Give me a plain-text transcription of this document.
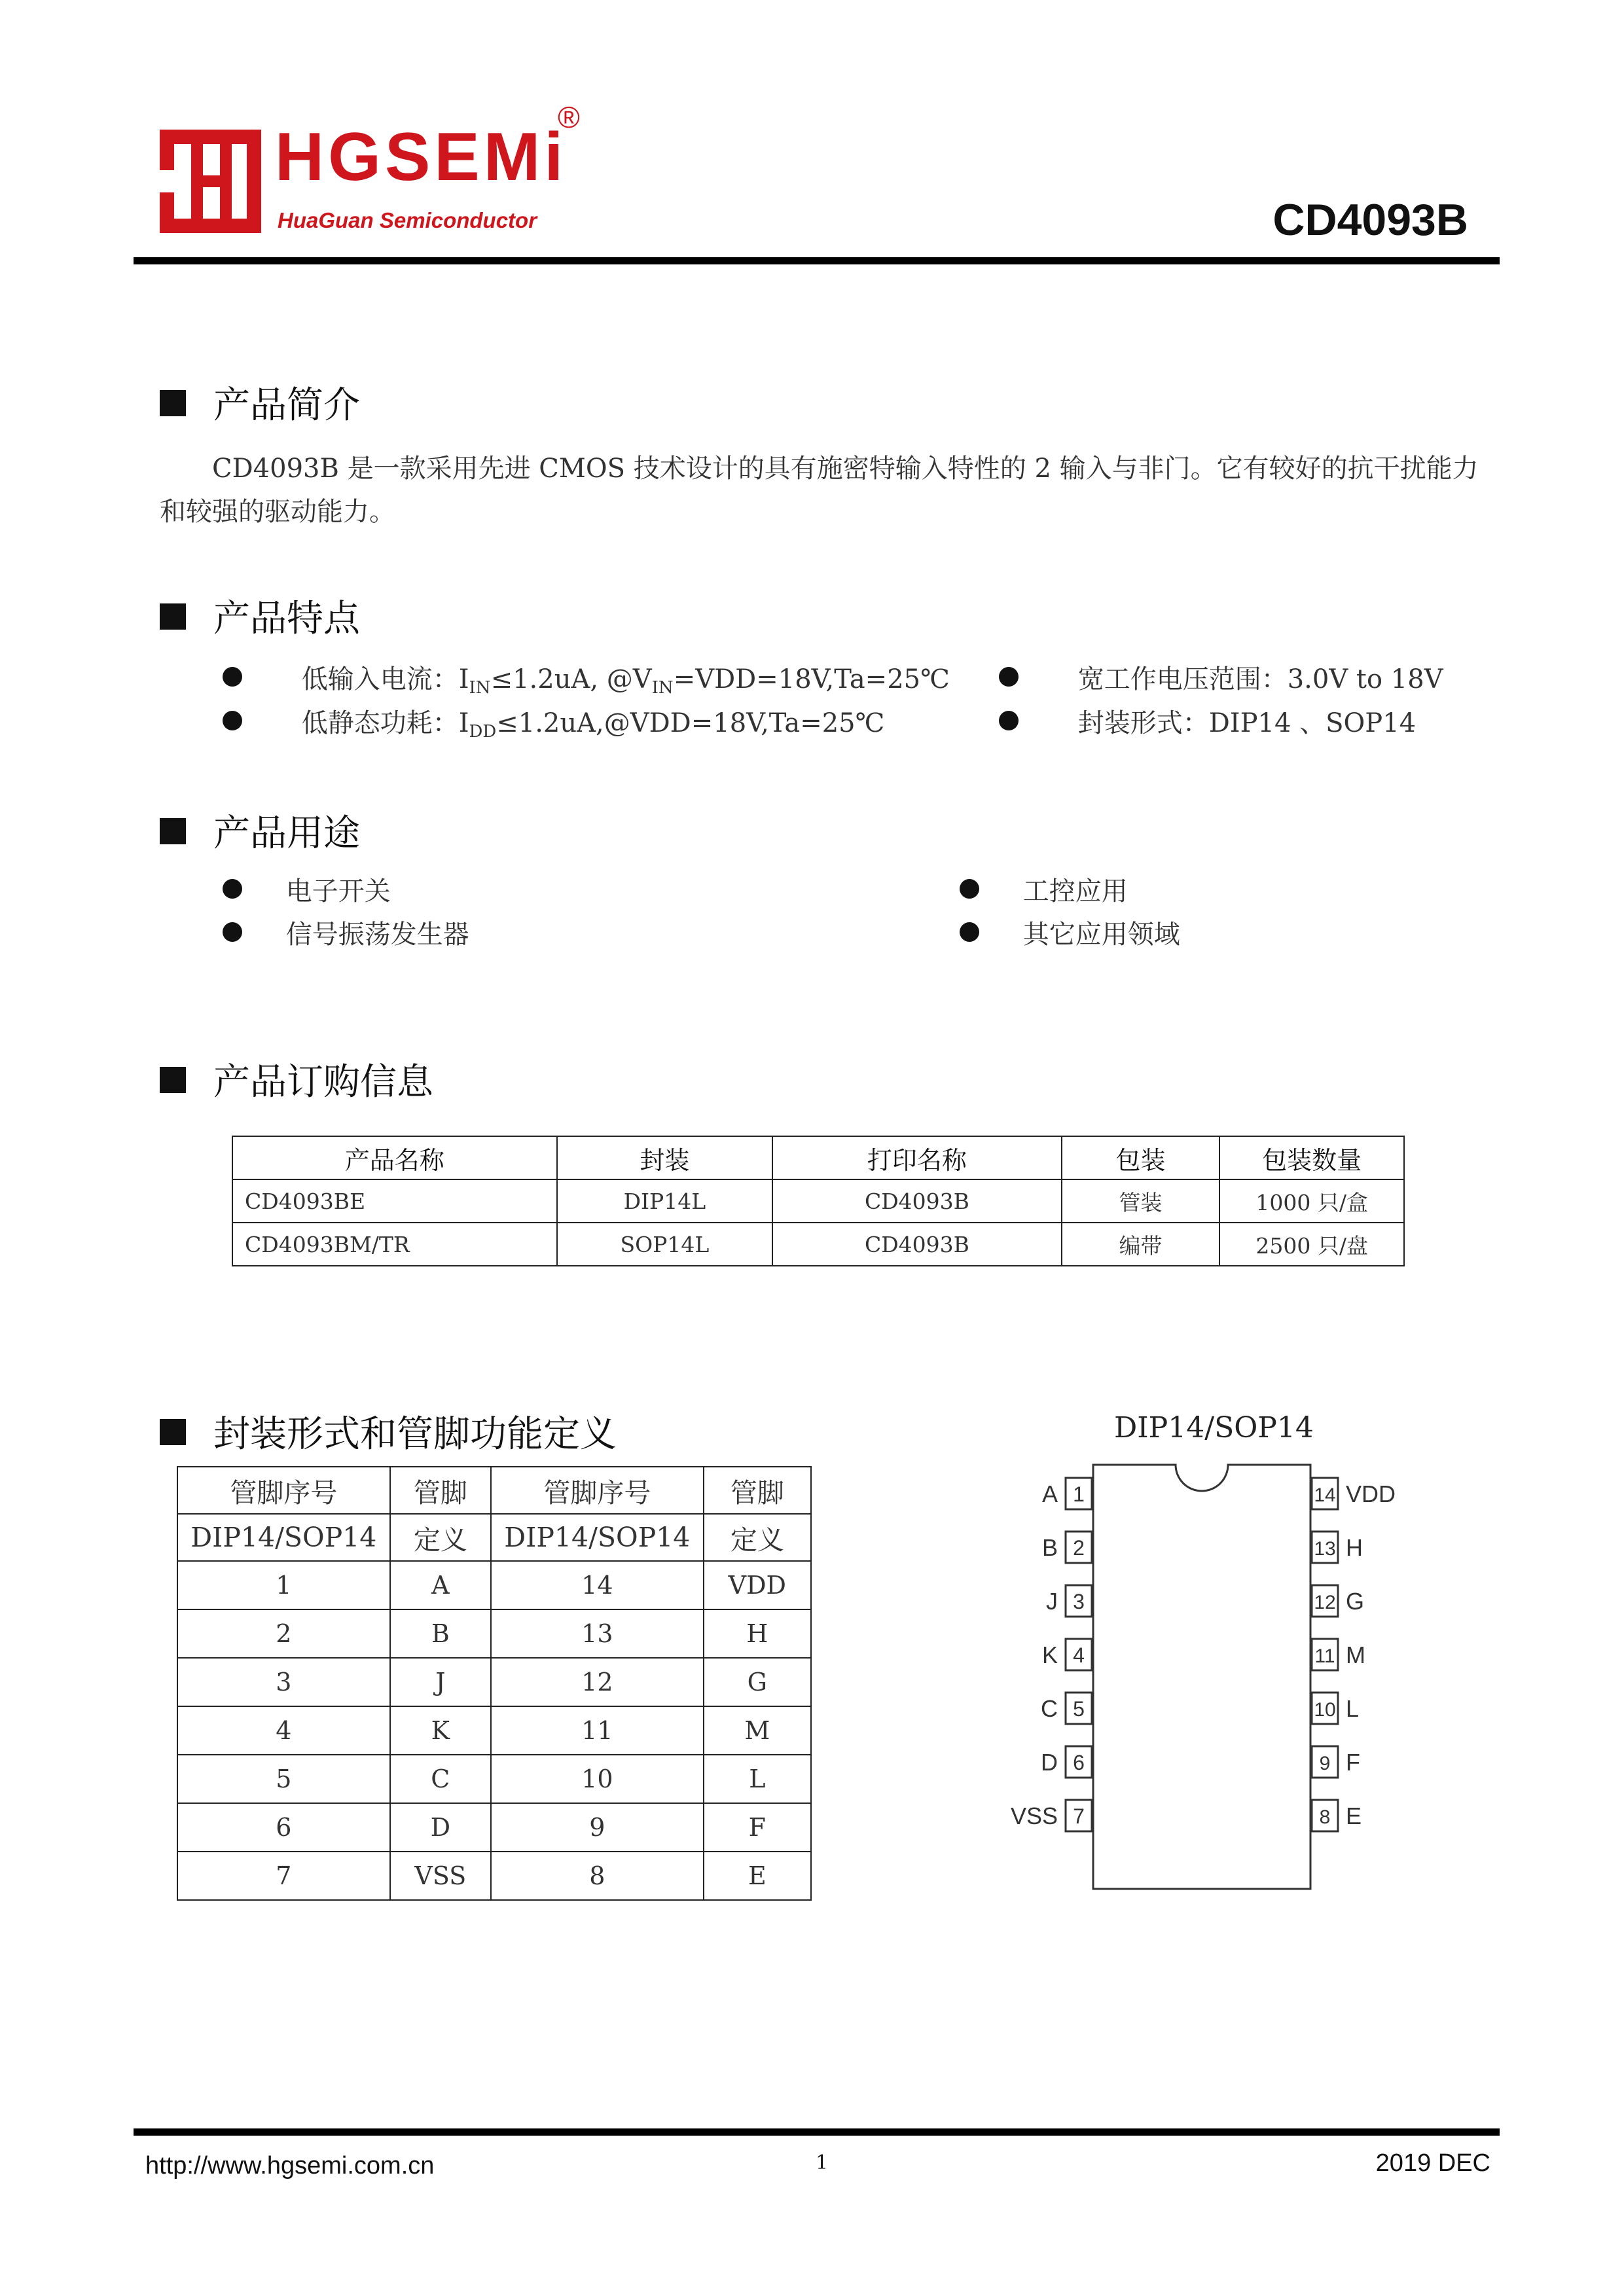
HGSEMi
®
HuaGuan Semiconductor	CD4093B
产品简介
CD4093B 是一款采用先进 CMOS 技术设计的具有施密特输入特性的 2 输入与非门。它有较好的抗干扰能力和较强的驱动能力。
产品特点
低输入电流：$I_{IN}\le 1.2uA$, $@V_{IN}=VDD=18V,Ta=25℃$
低静态功耗：$I_{DD}\le 1.2uA,@VDD=18V,Ta=25℃$
宽工作电压范围：3.0V to 18V
封装形式：DIP14 、SOP14
产品用途
电子开关	工控应用
信号振荡发生器	其它应用领域
产品订购信息
产品名称	封装	打印名称	包装	包装数量
CD4093BE	DIP14L	CD4093B	管装	1000 只/盒
CD4093BM/TR	SOP14L	CD4093B	编带	2500 只/盘
封装形式和管脚功能定义
管脚序号	管脚	管脚序号	管脚
DIP14/SOP14	定义	DIP14/SOP14	定义
1	A	14	VDD
2	B	13	H
3	J	12	G
4	K	11	M
5	C	10	L
6	D	9	F
7	VSS	8	E
DIP14/SOP14
1
A
2
B
3
J
4
K
5
C
6
D
7
VSS
14 VDD
13 H
12 G
11 M
10 L
9 F
8 E
http://www.hgsemi.com.cn	1	2019 DEC
